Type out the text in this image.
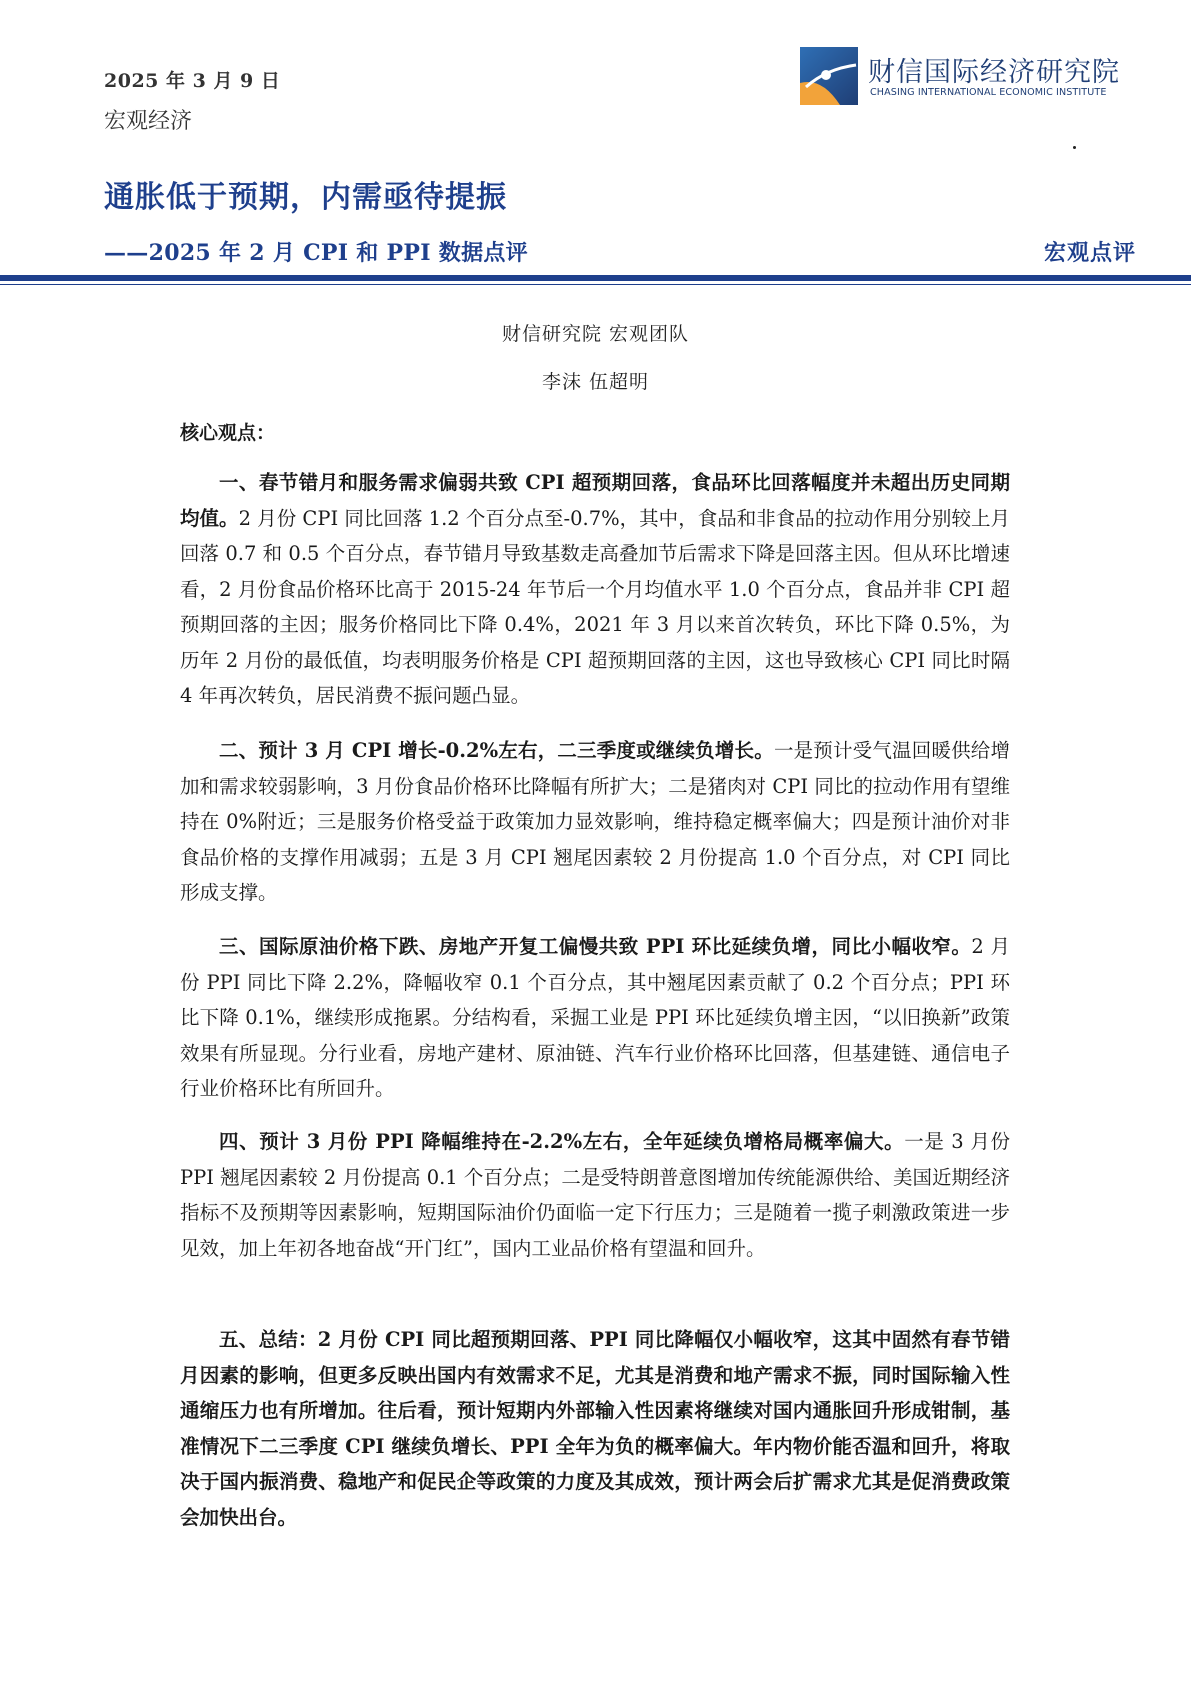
2025 年 3 月 9 日
宏观经济
财信国际经济研究院
CHASING INTERNATIONAL ECONOMIC INSTITUTE
通胀低于预期，内需亟待提振
——2025 年 2 月 CPI 和 PPI 数据点评	宏观点评
财信研究院 宏观团队
李沫 伍超明
核心观点：

一、春节错月和服务需求偏弱共致 CPI 超预期回落，食品环比回落幅度并未超出历史同期均值。2 月份 CPI 同比回落 1.2 个百分点至-0.7%，其中，食品和非食品的拉动作用分别较上月回落 0.7 和 0.5 个百分点，春节错月导致基数走高叠加节后需求下降是回落主因。但从环比增速看，2 月份食品价格环比高于 2015-24 年节后一个月均值水平 1.0 个百分点，食品并非 CPI 超预期回落的主因；服务价格同比下降 0.4%，2021 年 3 月以来首次转负，环比下降 0.5%，为历年 2 月份的最低值，均表明服务价格是 CPI 超预期回落的主因，这也导致核心 CPI 同比时隔 4 年再次转负，居民消费不振问题凸显。

二、预计 3 月 CPI 增长-0.2%左右，二三季度或继续负增长。一是预计受气温回暖供给增加和需求较弱影响，3 月份食品价格环比降幅有所扩大；二是猪肉对 CPI 同比的拉动作用有望维持在 0%附近；三是服务价格受益于政策加力显效影响，维持稳定概率偏大；四是预计油价对非食品价格的支撑作用减弱；五是 3 月 CPI 翘尾因素较 2 月份提高 1.0 个百分点，对 CPI 同比形成支撑。

三、国际原油价格下跌、房地产开复工偏慢共致 PPI 环比延续负增，同比小幅收窄。2 月份 PPI 同比下降 2.2%，降幅收窄 0.1 个百分点，其中翘尾因素贡献了 0.2 个百分点；PPI 环比下降 0.1%，继续形成拖累。分结构看，采掘工业是 PPI 环比延续负增主因，“以旧换新”政策效果有所显现。分行业看，房地产建材、原油链、汽车行业价格环比回落，但基建链、通信电子行业价格环比有所回升。

四、预计 3 月份 PPI 降幅维持在-2.2%左右，全年延续负增格局概率偏大。一是 3 月份 PPI 翘尾因素较 2 月份提高 0.1 个百分点；二是受特朗普意图增加传统能源供给、美国近期经济指标不及预期等因素影响，短期国际油价仍面临一定下行压力；三是随着一揽子刺激政策进一步见效，加上年初各地奋战“开门红”，国内工业品价格有望温和回升。

五、总结：2 月份 CPI 同比超预期回落、PPI 同比降幅仅小幅收窄，这其中固然有春节错月因素的影响，但更多反映出国内有效需求不足，尤其是消费和地产需求不振，同时国际输入性通缩压力也有所增加。往后看，预计短期内外部输入性因素将继续对国内通胀回升形成钳制，基准情况下二三季度 CPI 继续负增长、PPI 全年为负的概率偏大。年内物价能否温和回升，将取决于国内振消费、稳地产和促民企等政策的力度及其成效，预计两会后扩需求尤其是促消费政策会加快出台。
